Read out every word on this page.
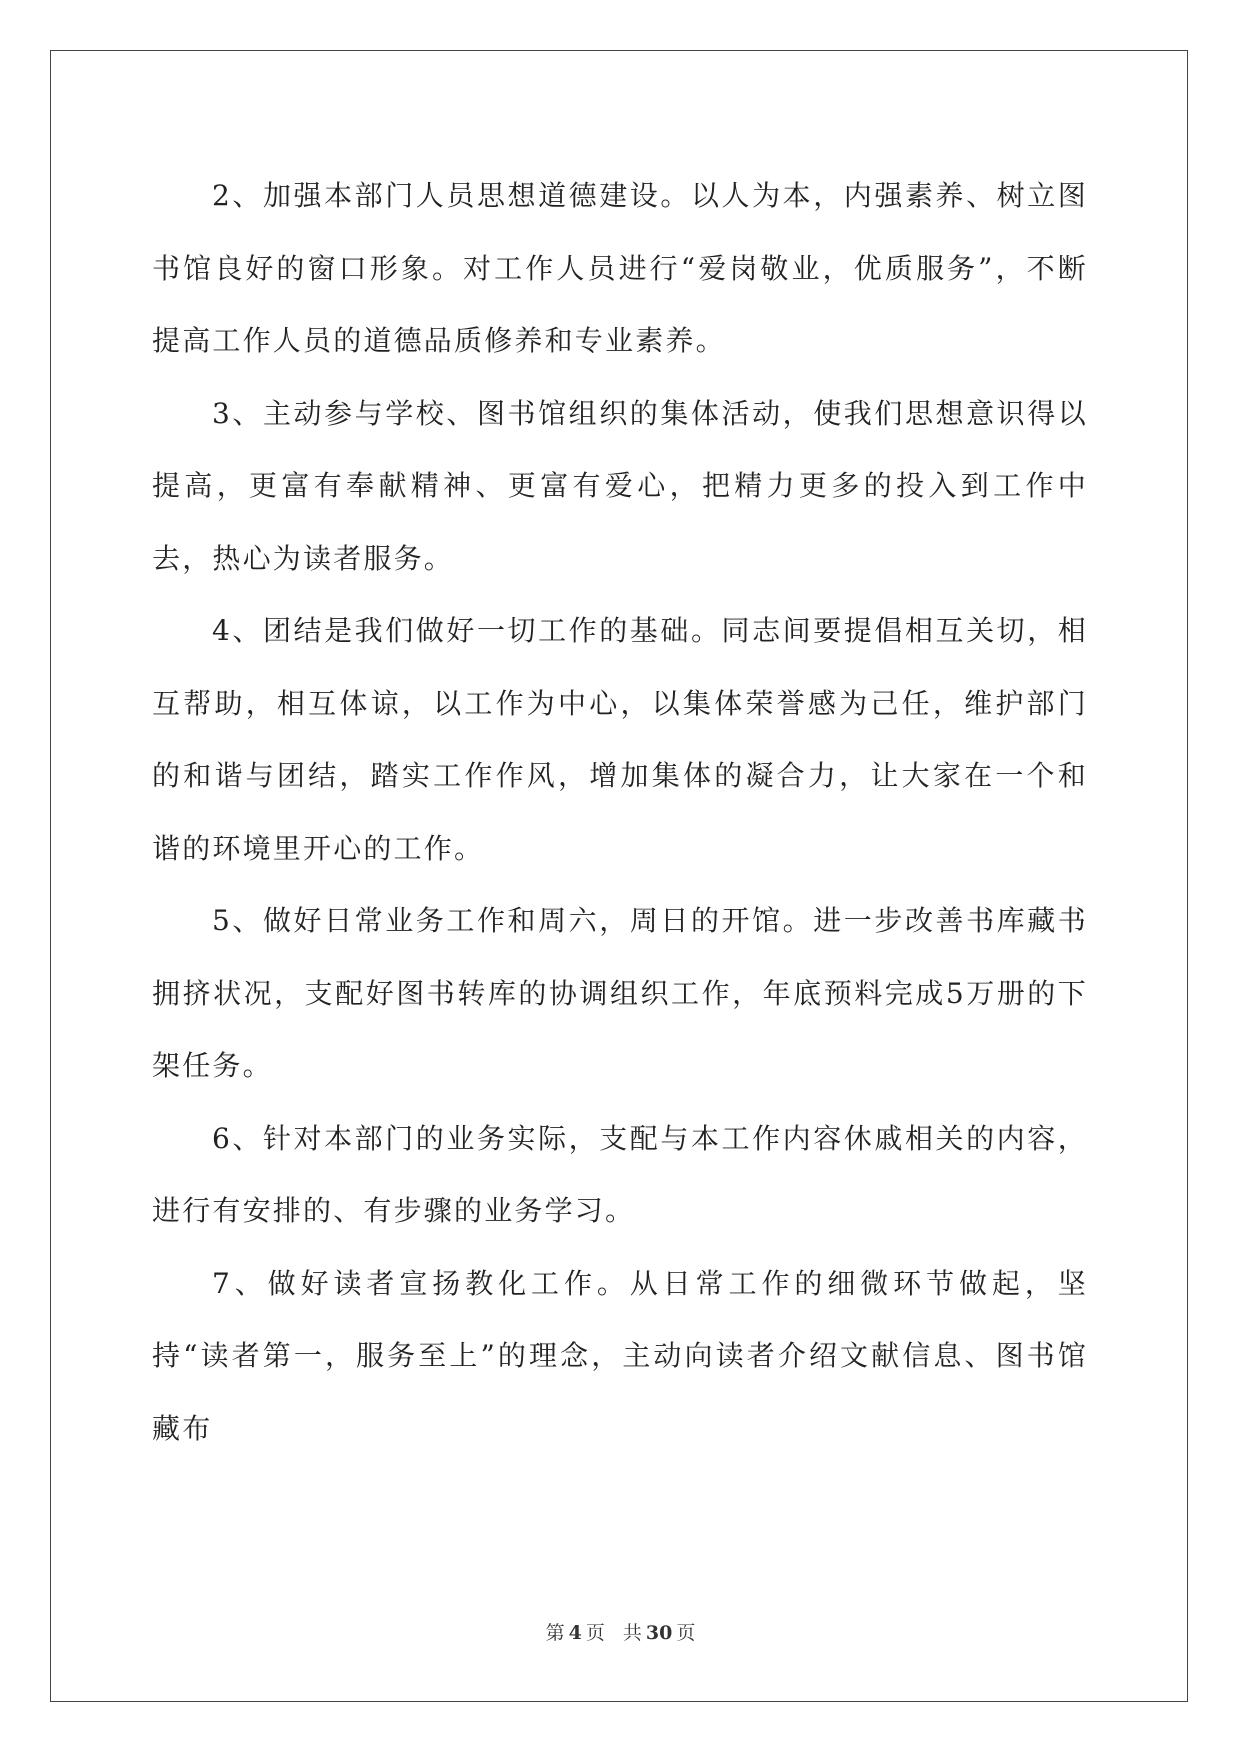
2、加强本部门人员思想道德建设。以人为本，内强素养、树立图书馆良好的窗口形象。对工作人员进行“爱岗敬业，优质服务”，不断提高工作人员的道德品质修养和专业素养。

3、主动参与学校、图书馆组织的集体活动，使我们思想意识得以提高，更富有奉献精神、更富有爱心，把精力更多的投入到工作中去，热心为读者服务。

4、团结是我们做好一切工作的基础。同志间要提倡相互关切，相互帮助，相互体谅，以工作为中心，以集体荣誉感为己任，维护部门的和谐与团结，踏实工作作风，增加集体的凝合力，让大家在一个和谐的环境里开心的工作。

5、做好日常业务工作和周六，周日的开馆。进一步改善书库藏书拥挤状况，支配好图书转库的协调组织工作，年底预料完成5万册的下架任务。

6、针对本部门的业务实际，支配与本工作内容休戚相关的内容，进行有安排的、有步骤的业务学习。

7、做好读者宣扬教化工作。从日常工作的细微环节做起，坚持“读者第一，服务至上”的理念，主动向读者介绍文献信息、图书馆藏布

第 4 页 共 30 页
